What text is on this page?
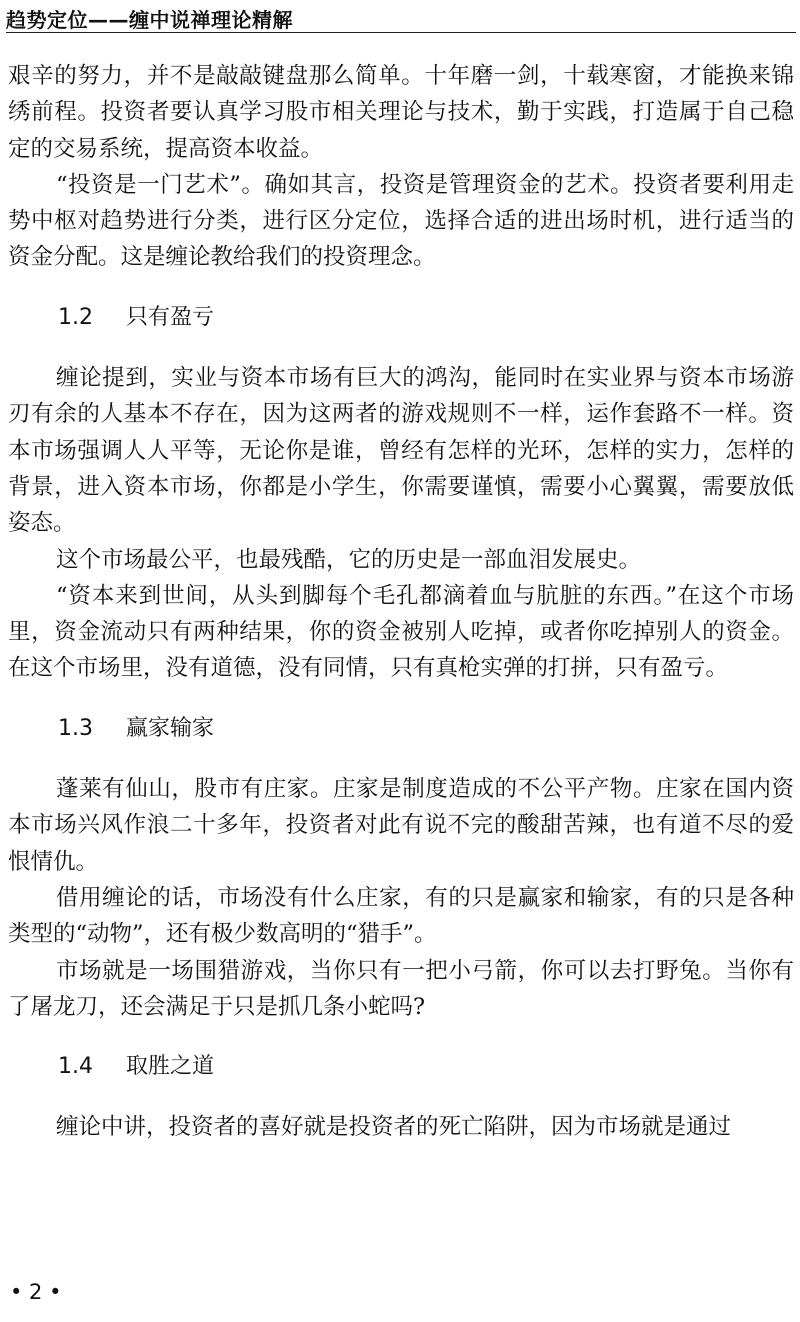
趋势定位——缠中说禅理论精解

艰辛的努力，并不是敲敲键盘那么简单。十年磨一剑，十载寒窗，才能换来锦绣前程。投资者要认真学习股市相关理论与技术，勤于实践，打造属于自己稳定的交易系统，提高资本收益。

“投资是一门艺术”。确如其言，投资是管理资金的艺术。投资者要利用走势中枢对趋势进行分类，进行区分定位，选择合适的进出场时机，进行适当的资金分配。这是缠论教给我们的投资理念。

1.2 只有盈亏

缠论提到，实业与资本市场有巨大的鸿沟，能同时在实业界与资本市场游刃有余的人基本不存在，因为这两者的游戏规则不一样，运作套路不一样。资本市场强调人人平等，无论你是谁，曾经有怎样的光环，怎样的实力，怎样的背景，进入资本市场，你都是小学生，你需要谨慎，需要小心翼翼，需要放低姿态。

这个市场最公平，也最残酷，它的历史是一部血泪发展史。

“资本来到世间，从头到脚每个毛孔都滴着血与肮脏的东西。”在这个市场里，资金流动只有两种结果，你的资金被别人吃掉，或者你吃掉别人的资金。在这个市场里，没有道德，没有同情，只有真枪实弹的打拼，只有盈亏。

1.3 赢家输家

蓬莱有仙山，股市有庄家。庄家是制度造成的不公平产物。庄家在国内资本市场兴风作浪二十多年，投资者对此有说不完的酸甜苦辣，也有道不尽的爱恨情仇。

借用缠论的话，市场没有什么庄家，有的只是赢家和输家，有的只是各种类型的“动物”，还有极少数高明的“猎手”。

市场就是一场围猎游戏，当你只有一把小弓箭，你可以去打野兔。当你有了屠龙刀，还会满足于只是抓几条小蛇吗?

1.4 取胜之道

缠论中讲，投资者的喜好就是投资者的死亡陷阱，因为市场就是通过

• 2 •
